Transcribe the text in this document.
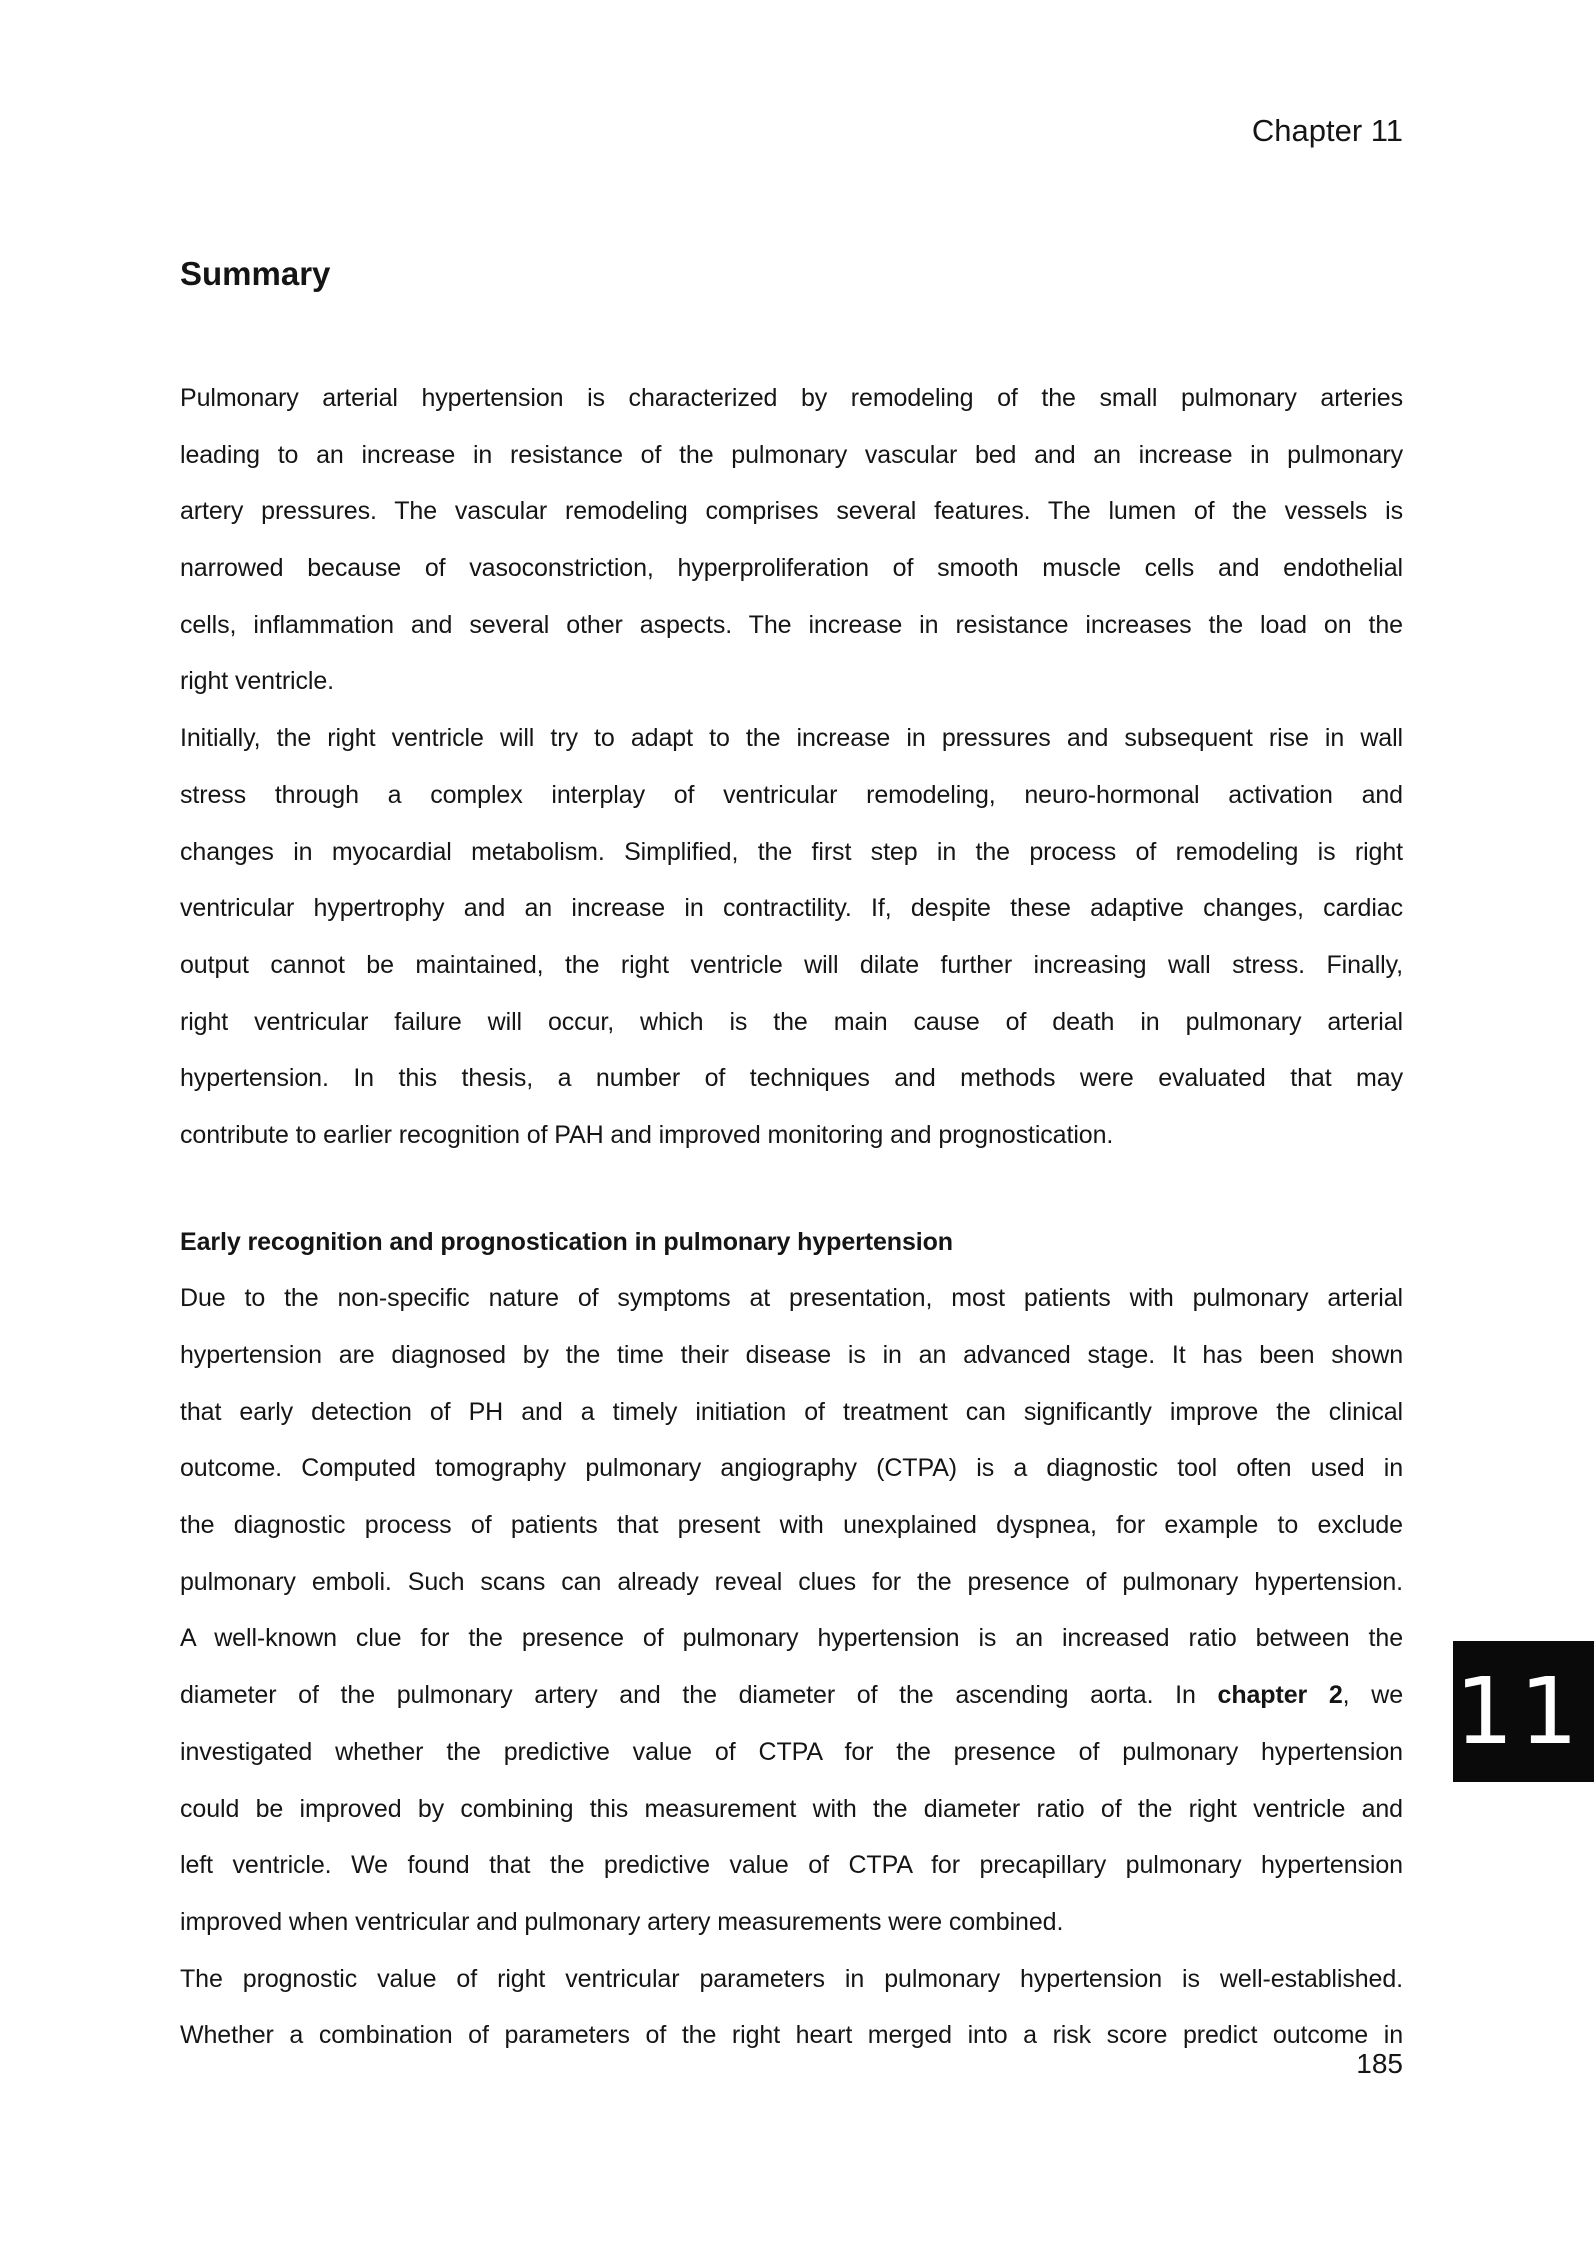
Chapter 11
Summary
Pulmonary arterial hypertension is characterized by remodeling of the small pulmonary arteries
leading to an increase in resistance of the pulmonary vascular bed and an increase in pulmonary
artery pressures. The vascular remodeling comprises several features. The lumen of the vessels is
narrowed because of vasoconstriction, hyperproliferation of smooth muscle cells and endothelial
cells, inflammation and several other aspects. The increase in resistance increases the load on the
right ventricle.
Initially, the right ventricle will try to adapt to the increase in pressures and subsequent rise in wall
stress through a complex interplay of ventricular remodeling, neuro-hormonal activation and
changes in myocardial metabolism. Simplified, the first step in the process of remodeling is right
ventricular hypertrophy and an increase in contractility. If, despite these adaptive changes, cardiac
output cannot be maintained, the right ventricle will dilate further increasing wall stress. Finally,
right ventricular failure will occur, which is the main cause of death in pulmonary arterial
hypertension. In this thesis, a number of techniques and methods were evaluated that may
contribute to earlier recognition of PAH and improved monitoring and prognostication.
Early recognition and prognostication in pulmonary hypertension
Due to the non-specific nature of symptoms at presentation, most patients with pulmonary arterial
hypertension are diagnosed by the time their disease is in an advanced stage. It has been shown
that early detection of PH and a timely initiation of treatment can significantly improve the clinical
outcome. Computed tomography pulmonary angiography (CTPA) is a diagnostic tool often used in
the diagnostic process of patients that present with unexplained dyspnea, for example to exclude
pulmonary emboli. Such scans can already reveal clues for the presence of pulmonary hypertension.
A well-known clue for the presence of pulmonary hypertension is an increased ratio between the
diameter of the pulmonary artery and the diameter of the ascending aorta. In chapter 2, we
investigated whether the predictive value of CTPA for the presence of pulmonary hypertension
could be improved by combining this measurement with the diameter ratio of the right ventricle and
left ventricle. We found that the predictive value of CTPA for precapillary pulmonary hypertension
improved when ventricular and pulmonary artery measurements were combined.
The prognostic value of right ventricular parameters in pulmonary hypertension is well-established.
Whether a combination of parameters of the right heart merged into a risk score predict outcome in
11
185
